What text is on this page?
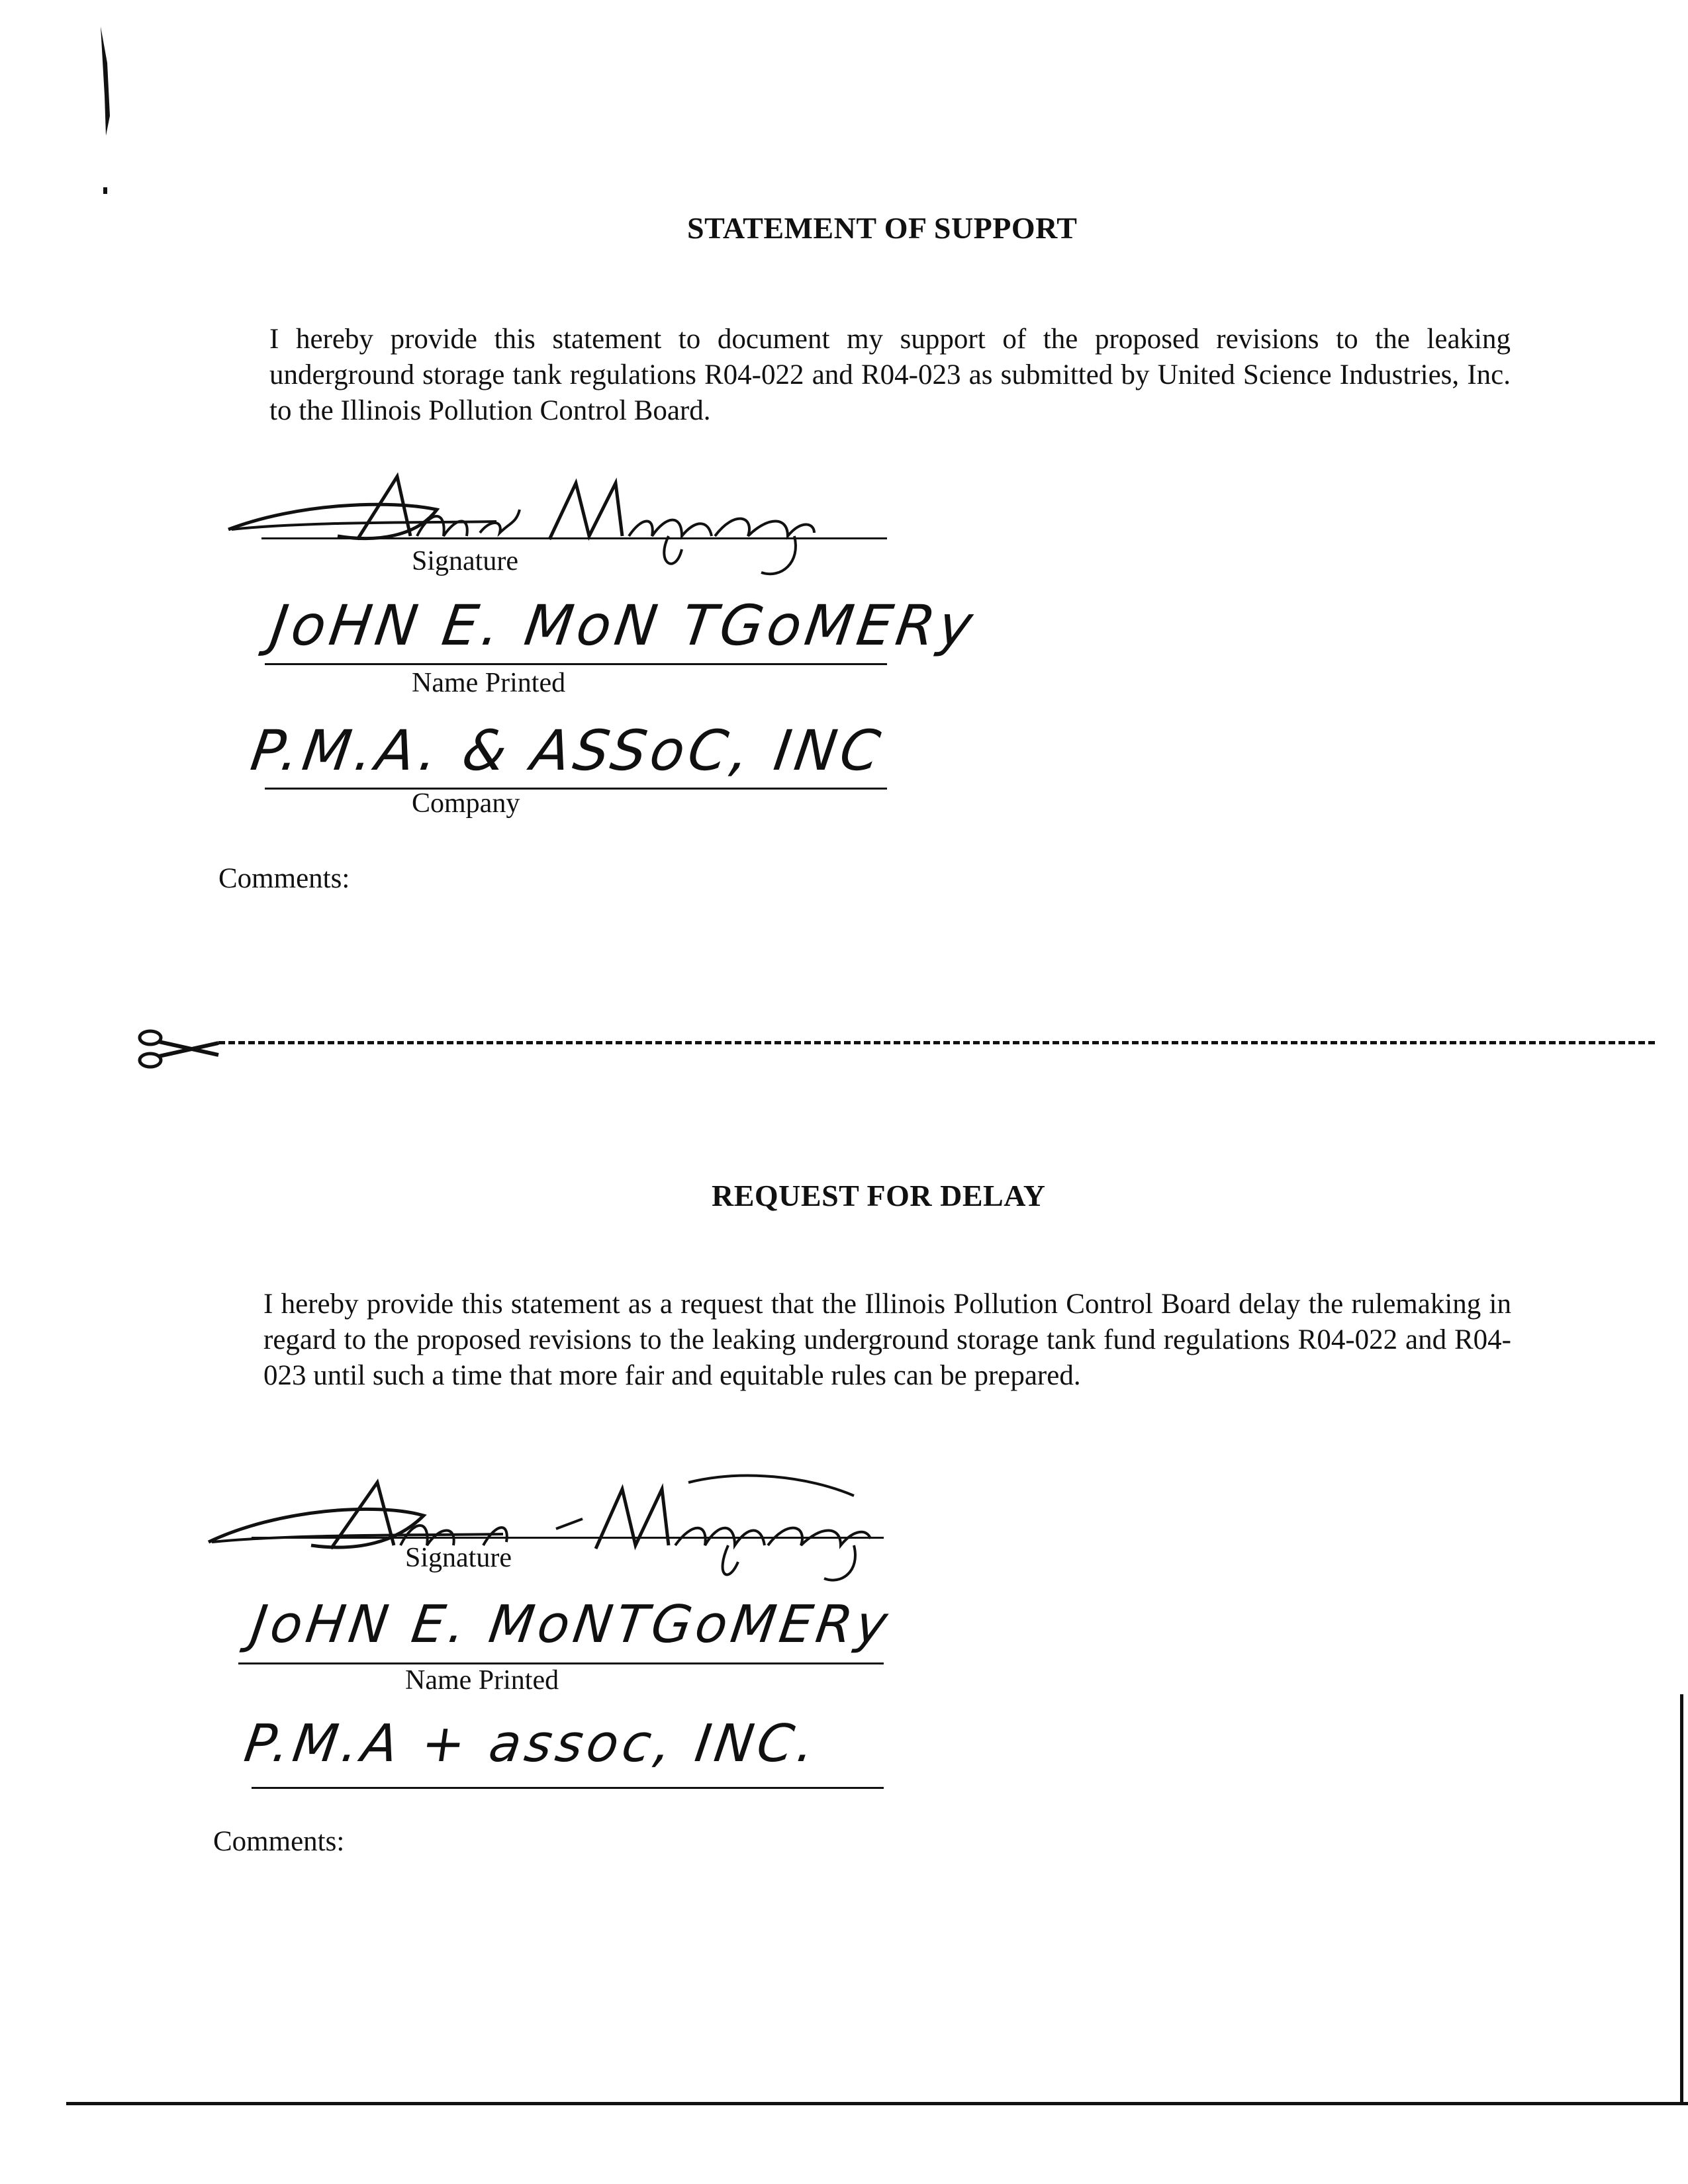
STATEMENT OF SUPPORT
I hereby provide this statement to document my support of the proposed revisions to the leaking underground storage tank regulations R04-022 and R04-023 as submitted by United Science Industries, Inc. to the Illinois Pollution Control Board.
Signature
JoHN E. MoN TGoMERy
Name Printed
P.M.A. & ASSoC, INC
Company
Comments:
REQUEST FOR DELAY
I hereby provide this statement as a request that the Illinois Pollution Control Board delay the rulemaking in regard to the proposed revisions to the leaking underground storage tank fund regulations R04-022 and R04-023 until such a time that more fair and equitable rules can be prepared.
Signature
JoHN E. MoNTGoMERy
Name Printed
P.M.A + assoc, INC.
Comments:
